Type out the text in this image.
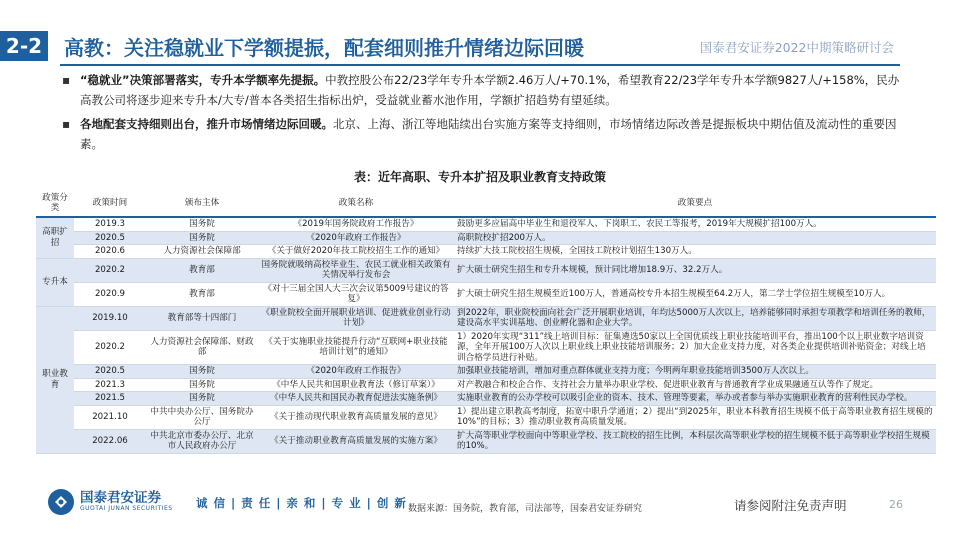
2-2 高教：关注稳就业下学额提振，配套细则推升情绪边际回暖	国泰君安证券2022中期策略研讨会
▪ “稳就业”决策部署落实，专升本学额率先提振。中教控股公布22/23学年专升本学额2.46万人/+70.1%，希望教育22/23学年专升本学额9827人/+158%，民办高教公司将逐步迎来专升本/大专/普本各类招生指标出炉，受益就业蓄水池作用，学额扩招趋势有望延续。
▪ 各地配套支持细则出台，推升市场情绪边际回暖。北京、上海、浙江等地陆续出台实施方案等支持细则，市场情绪边际改善是提振板块中期估值及流动性的重要因素。
表：近年高职、专升本扩招及职业教育支持政策
政策分类	政策时间	颁布主体	政策名称	政策要点
高职扩招	2019.3	国务院	《2019年国务院政府工作报告》	鼓励更多应届高中毕业生和退役军人、下岗职工、农民工等报考，2019年大规模扩招100万人。
	2020.5	国务院	《2020年政府工作报告》	高职院校扩招200万人。
	2020.6	人力资源社会保障部	《关于做好2020年技工院校招生工作的通知》	持续扩大技工院校招生规模，全国技工院校计划招生130万人。
专升本	2020.2	教育部	国务院就吸纳高校毕业生、农民工就业相关政策有关情况举行发布会	扩大硕士研究生招生和专升本规模，预计同比增加18.9万、32.2万人。
	2020.9	教育部	《对十三届全国人大三次会议第5009号建议的答复》	扩大硕士研究生招生规模至近100万人，普通高校专升本招生规模至64.2万人，第二学士学位招生规模至10万人。
职业教育	2019.10	教育部等十四部门	《职业院校全面开展职业培训、促进就业创业行动计划》	到2022年，职业院校面向社会广泛开展职业培训，年均达5000万人次以上，培养能够同时承担专项教学和培训任务的教师，建设高水平实训基地、创业孵化器和企业大学。
	2020.2	人力资源社会保障部、财政部	《关于实施职业技能提升行动“互联网+职业技能培训计划”的通知》	1）2020年实现“311”线上培训目标：征集遴选50家以上全国优质线上职业技能培训平台，推出100个以上职业数字培训资源，全年开展100万人次以上职业线上职业技能培训服务；2）加大企业支持力度，对各类企业提供培训补贴资金；对线上培训合格学员进行补贴。
	2020.5	国务院	《2020年政府工作报告》	加强职业技能培训，增加对重点群体就业支持力度；今明两年职业技能培训3500万人次以上。
	2021.3	国务院	《中华人民共和国职业教育法（修订草案）》	对产教融合和校企合作、支持社会力量举办职业学校、促进职业教育与普通教育学业成果融通互认等作了规定。
	2021.5	国务院	《中华人民共和国民办教育促进法实施条例》	实施职业教育的公办学校可以吸引企业的资本、技术、管理等要素，举办或者参与举办实施职业教育的营利性民办学校。
	2021.10	中共中央办公厅、国务院办公厅	《关于推动现代职业教育高质量发展的意见》	1）提出建立职教高考制度，拓宽中职升学通道；2）提出“到2025年，职业本科教育招生规模不低于高等职业教育招生规模的10%”的目标；3）推动职业教育高质量发展。
	2022.06	中共北京市委办公厅、北京市人民政府办公厅	《关于推动职业教育高质量发展的实施方案》	扩大高等职业学校面向中等职业学校、技工院校的招生比例，本科层次高等职业学校的招生规模不低于高等职业学校招生规模的10%。
数据来源：国务院，教育部，司法部等，国泰君安证券研究
国泰君安证券
GUOTAI JUNAN SECURITIES 诚 信 | 责 任 | 亲 和 | 专 业 | 创 新	请参阅附注免责声明	26
